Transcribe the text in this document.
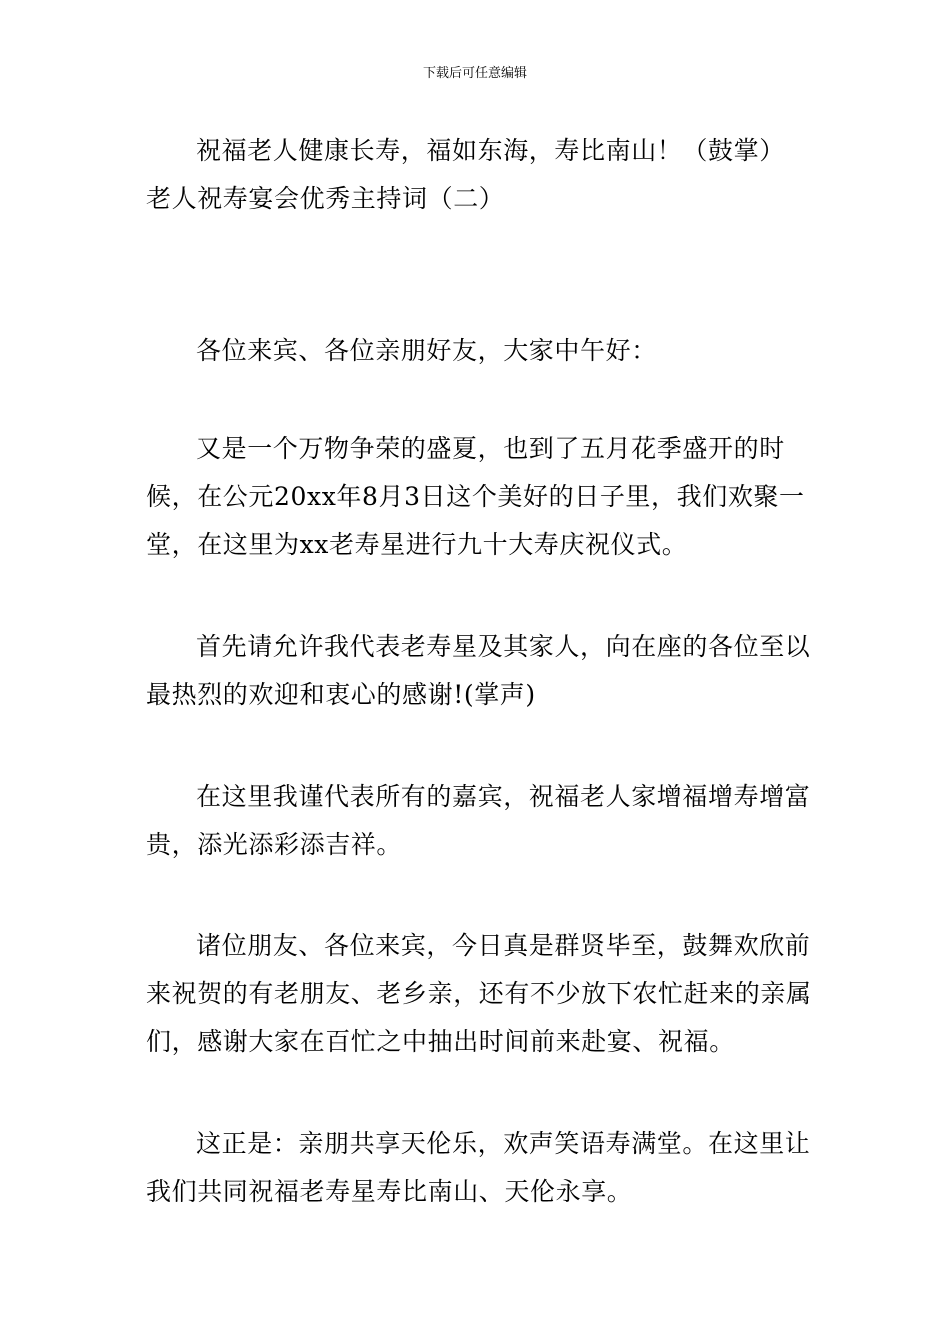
下载后可任意编辑

祝福老人健康长寿，福如东海，寿比南山！（鼓掌）

老人祝寿宴会优秀主持词（二）

各位来宾、各位亲朋好友，大家中午好：

又是一个万物争荣的盛夏，也到了五月花季盛开的时候，在公元20xx年8月3日这个美好的日子里，我们欢聚一堂，在这里为xx老寿星进行九十大寿庆祝仪式。

首先请允许我代表老寿星及其家人，向在座的各位至以最热烈的欢迎和衷心的感谢!(掌声)

在这里我谨代表所有的嘉宾，祝福老人家增福增寿增富贵，添光添彩添吉祥。

诸位朋友、各位来宾，今日真是群贤毕至，鼓舞欢欣前来祝贺的有老朋友、老乡亲，还有不少放下农忙赶来的亲属们，感谢大家在百忙之中抽出时间前来赴宴、祝福。

这正是：亲朋共享天伦乐，欢声笑语寿满堂。在这里让我们共同祝福老寿星寿比南山、天伦永享。
